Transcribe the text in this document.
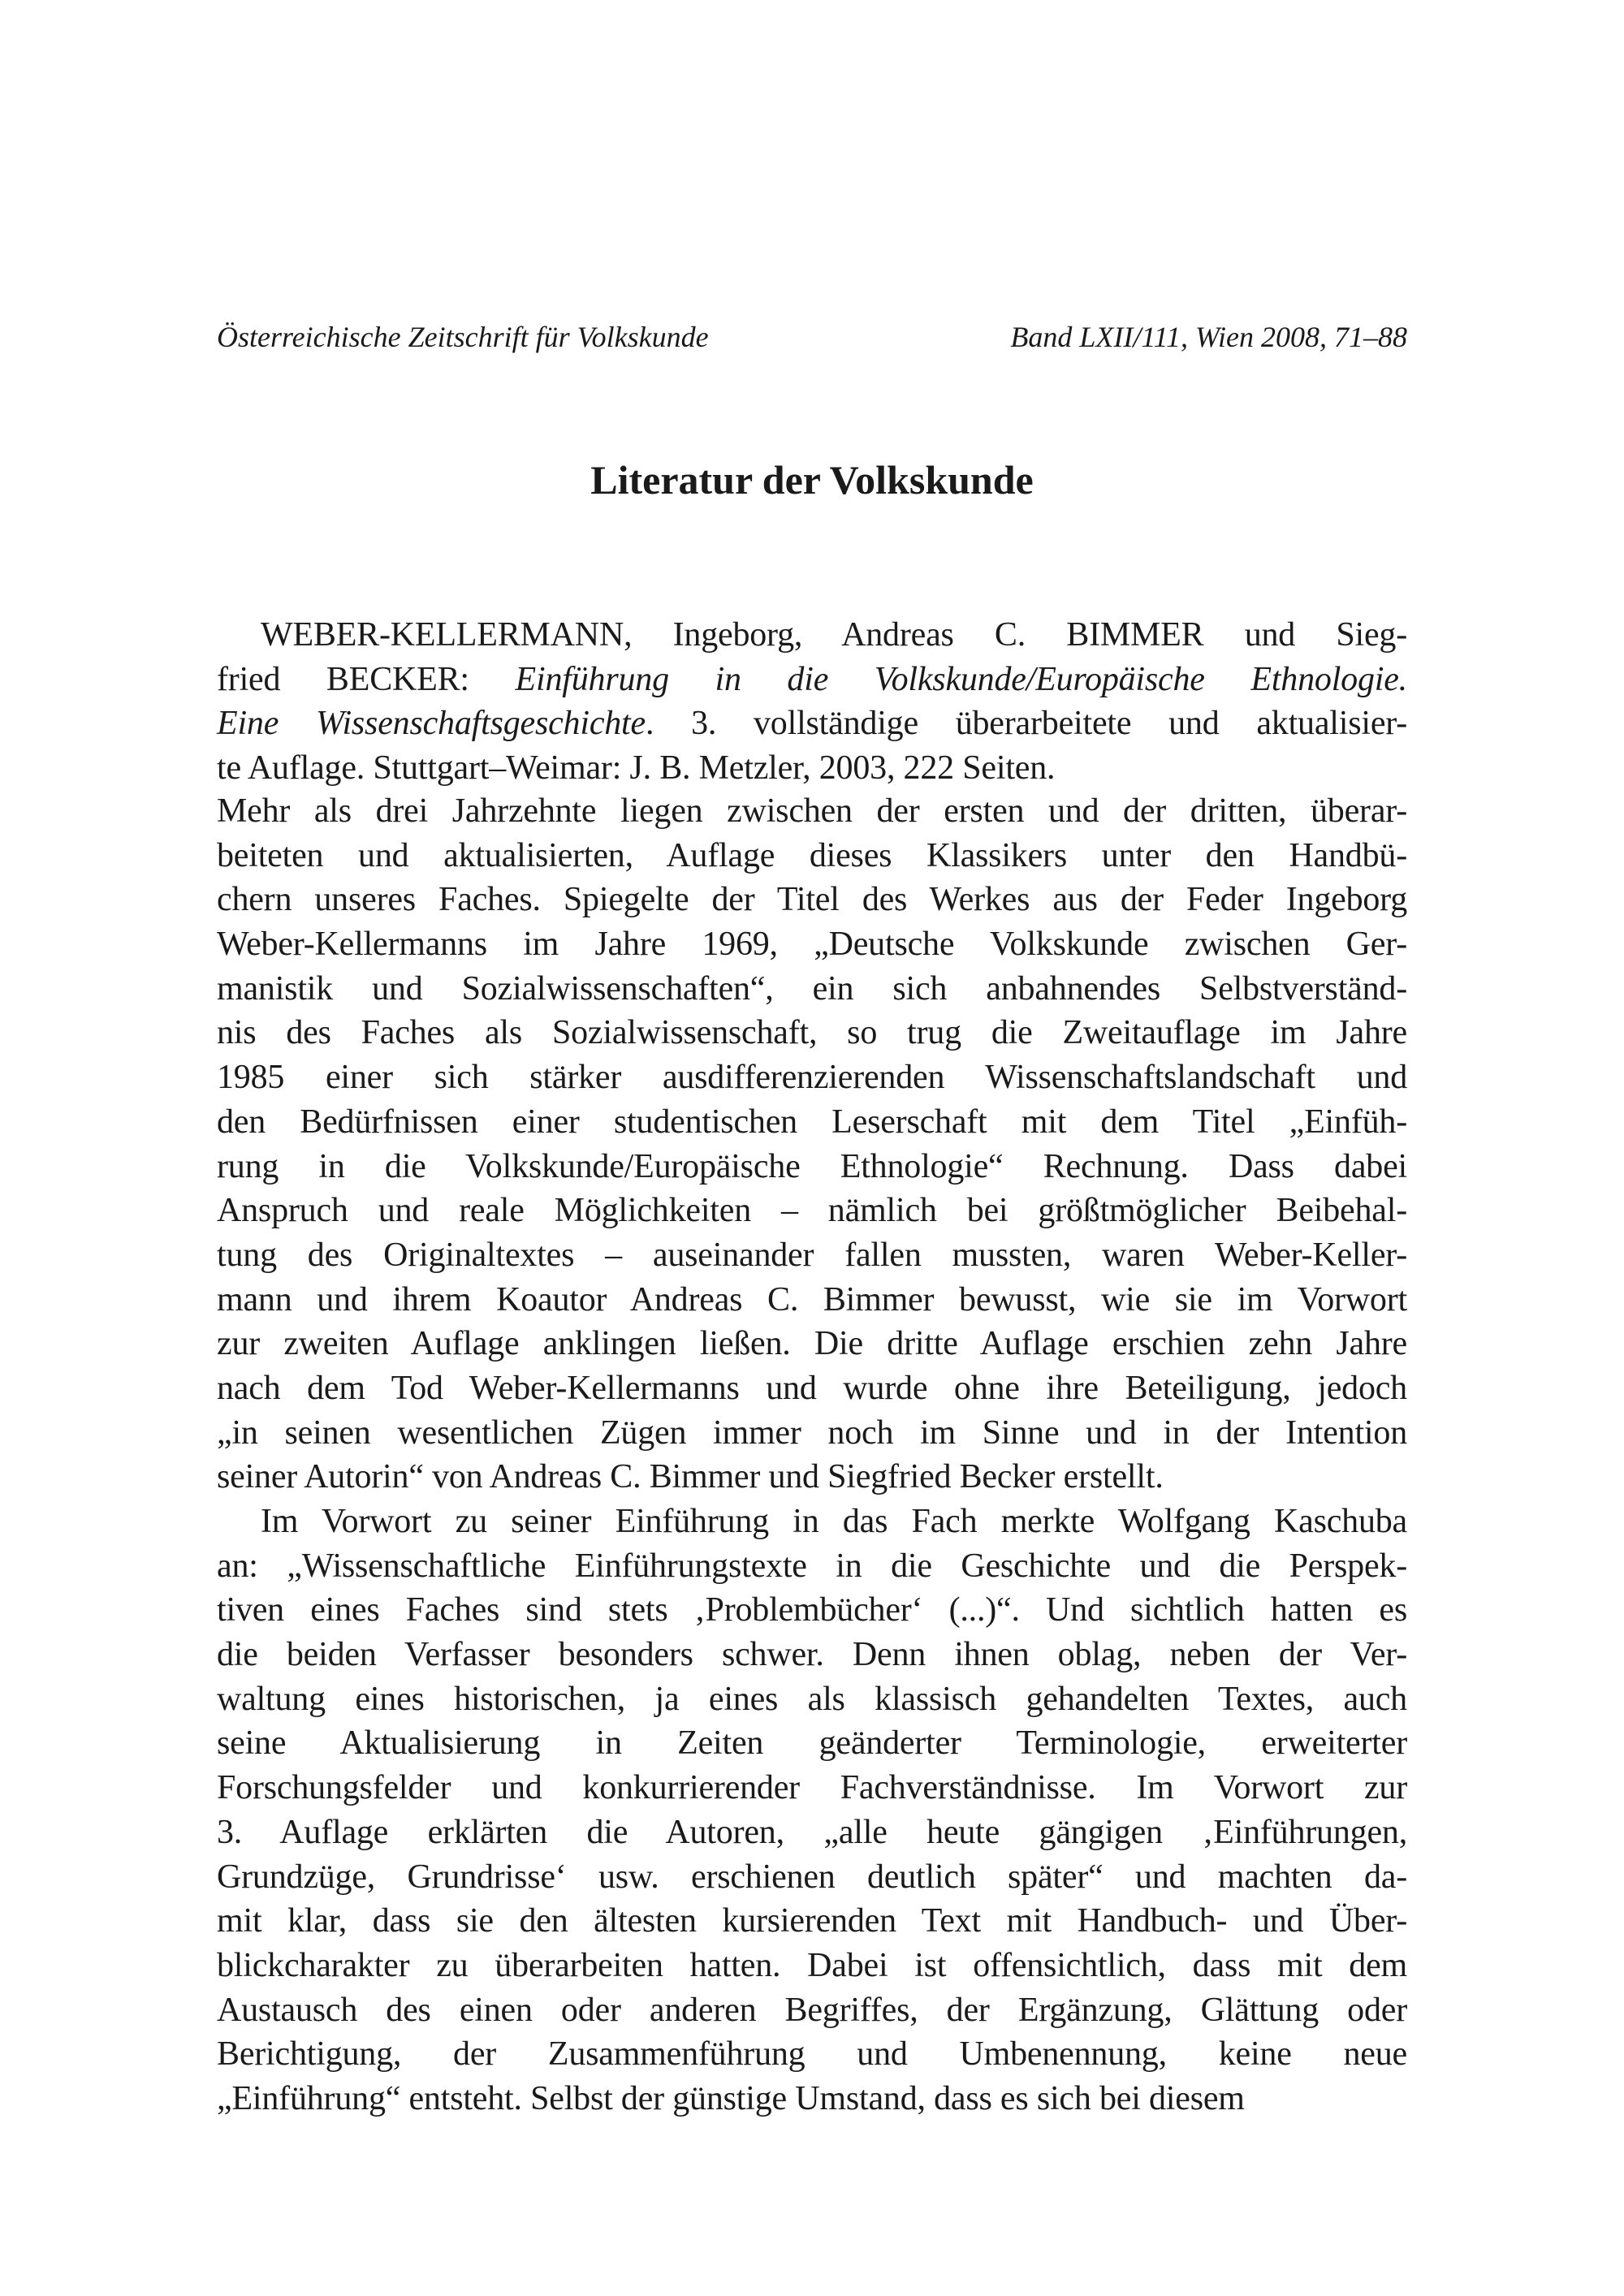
Österreichische Zeitschrift für Volkskunde	Band LXII/111, Wien 2008, 71–88
Literatur der Volkskunde
WEBER-KELLERMANN, Ingeborg, Andreas C. BIMMER und Sieg-
fried BECKER: Einführung in die Volkskunde/Europäische Ethnologie.
Eine Wissenschaftsgeschichte. 3. vollständige überarbeitete und aktualisier-
te Auflage. Stuttgart–Weimar: J. B. Metzler, 2003, 222 Seiten.
Mehr als drei Jahrzehnte liegen zwischen der ersten und der dritten, überar-
beiteten und aktualisierten, Auflage dieses Klassikers unter den Handbü-
chern unseres Faches. Spiegelte der Titel des Werkes aus der Feder Ingeborg
Weber-Kellermanns im Jahre 1969, „Deutsche Volkskunde zwischen Ger-
manistik und Sozialwissenschaften“, ein sich anbahnendes Selbstverständ-
nis des Faches als Sozialwissenschaft, so trug die Zweitauflage im Jahre
1985 einer sich stärker ausdifferenzierenden Wissenschaftslandschaft und
den Bedürfnissen einer studentischen Leserschaft mit dem Titel „Einfüh-
rung in die Volkskunde/Europäische Ethnologie“ Rechnung. Dass dabei
Anspruch und reale Möglichkeiten – nämlich bei größtmöglicher Beibehal-
tung des Originaltextes – auseinander fallen mussten, waren Weber-Keller-
mann und ihrem Koautor Andreas C. Bimmer bewusst, wie sie im Vorwort
zur zweiten Auflage anklingen ließen. Die dritte Auflage erschien zehn Jahre
nach dem Tod Weber-Kellermanns und wurde ohne ihre Beteiligung, jedoch
„in seinen wesentlichen Zügen immer noch im Sinne und in der Intention
seiner Autorin“ von Andreas C. Bimmer und Siegfried Becker erstellt.
Im Vorwort zu seiner Einführung in das Fach merkte Wolfgang Kaschuba
an: „Wissenschaftliche Einführungstexte in die Geschichte und die Perspek-
tiven eines Faches sind stets ‚Problembücher‘ (...)“. Und sichtlich hatten es
die beiden Verfasser besonders schwer. Denn ihnen oblag, neben der Ver-
waltung eines historischen, ja eines als klassisch gehandelten Textes, auch
seine Aktualisierung in Zeiten geänderter Terminologie, erweiterter
Forschungsfelder und konkurrierender Fachverständnisse. Im Vorwort zur
3. Auflage erklärten die Autoren, „alle heute gängigen ‚Einführungen,
Grundzüge, Grundrisse‘ usw. erschienen deutlich später“ und machten da-
mit klar, dass sie den ältesten kursierenden Text mit Handbuch- und Über-
blickcharakter zu überarbeiten hatten. Dabei ist offensichtlich, dass mit dem
Austausch des einen oder anderen Begriffes, der Ergänzung, Glättung oder
Berichtigung, der Zusammenführung und Umbenennung, keine neue
„Einführung“ entsteht. Selbst der günstige Umstand, dass es sich bei diesem
